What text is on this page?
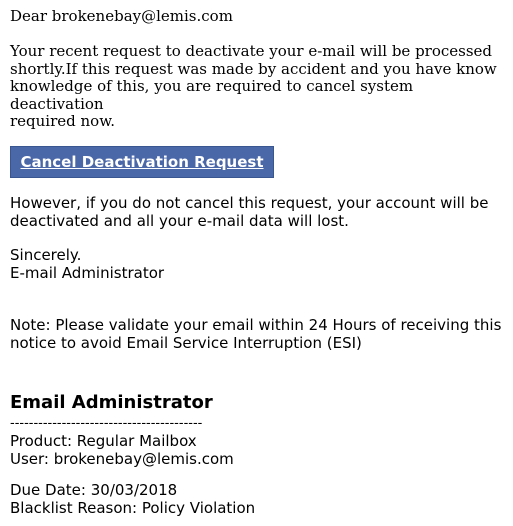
Dear brokenebay@lemis.com

Your recent request to deactivate your e-mail will be processed
shortly.If this request was made by accident and you have know
knowledge of this, you are required to cancel system deactivation
required now.

Cancel Deactivation Request

However, if you do not cancel this request, your account will be
deactivated and all your e-mail data will lost.

Sincerely.

E-mail Administrator

Note: Please validate your email within 24 Hours of receiving this
notice to avoid Email Service Interruption (ESI)

Email Administrator

-----------------------------------------

Product: Regular Mailbox

User: brokenebay@lemis.com

Due Date: 30/03/2018

Blacklist Reason: Policy Violation
